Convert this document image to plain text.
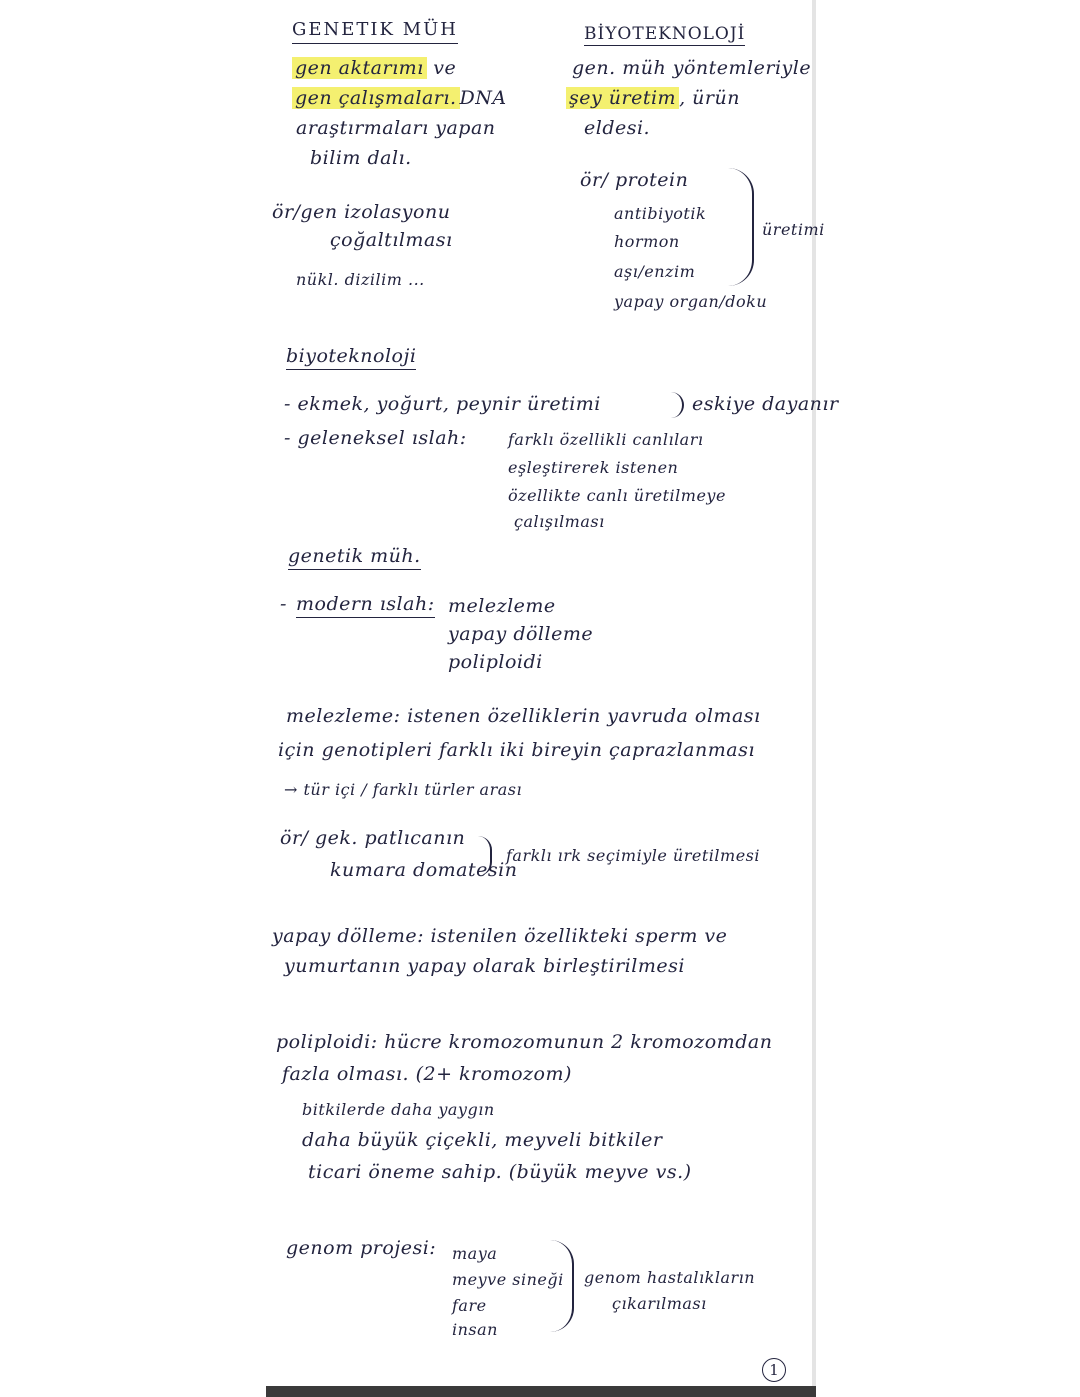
GENETIK MÜH
gen aktarımı ve
gen çalışmaları. DNA
araştırmaları yapan
bilim dalı.
ör/gen izolasyonu
çoğaltılması
nükl. dizilim ...
BİYOTEKNOLOJİ
gen. müh yöntemleriyle
şey üretim , ürün
eldesi.
ör/ protein
antibiyotik
hormon
aşı/enzim
yapay organ/doku
üretimi
biyoteknoloji
- ekmek, yoğurt, peynir üretimi	eskiye dayanır
- geleneksel ıslah:	farklı özellikli canlıları
eşleştirerek istenen
özellikte canlı üretilmeye
çalışılması
genetik müh.
- modern ıslah: melezleme
yapay dölleme
poliploidi
melezleme: istenen özelliklerin yavruda olması
için genotipleri farklı iki bireyin çaprazlanması
→ tür içi / farklı türler arası
ör/ gek. patlıcanın
kumara domatesin
farklı ırk seçimiyle üretilmesi
yapay dölleme: istenilen özellikteki sperm ve
yumurtanın yapay olarak birleştirilmesi
poliploidi: hücre kromozomunun 2 kromozomdan
fazla olması. (2+ kromozom)
bitkilerde daha yaygın
daha büyük çiçekli, meyveli bitkiler
ticari öneme sahip. (büyük meyve vs.)
genom projesi: maya
meyve sineği
fare
insan
genom hastalıkların
çıkarılması
1
